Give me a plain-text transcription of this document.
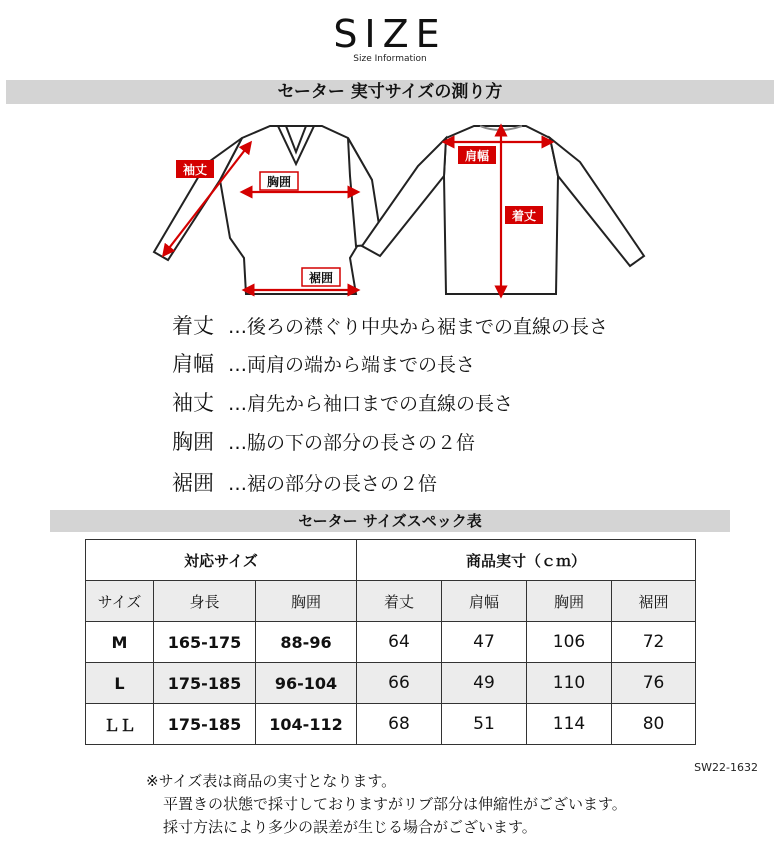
SIZE
Size Information
セーター 実寸サイズの測り方
袖丈
胸囲
裾囲
肩幅
着丈
着丈 …後ろの襟ぐり中央から裾までの直線の長さ
肩幅 …両肩の端から端までの長さ
袖丈 …肩先から袖口までの直線の長さ
胸囲 …脇の下の部分の長さの２倍
裾囲 …裾の部分の長さの２倍
セーター サイズスペック表
対応サイズ			商品実寸（ｃｍ）			
サイズ	身長	胸囲	着丈	肩幅	胸囲	裾囲
M	165-175	88-96	64	47	106	72
L	175-185	96-104	66	49	110	76
ＬＬ	175-185	104-112	68	51	114	80
SW22-1632
※サイズ表は商品の実寸となります。
平置きの状態で採寸しておりますがリブ部分は伸縮性がございます。
採寸方法により多少の誤差が生じる場合がございます。
